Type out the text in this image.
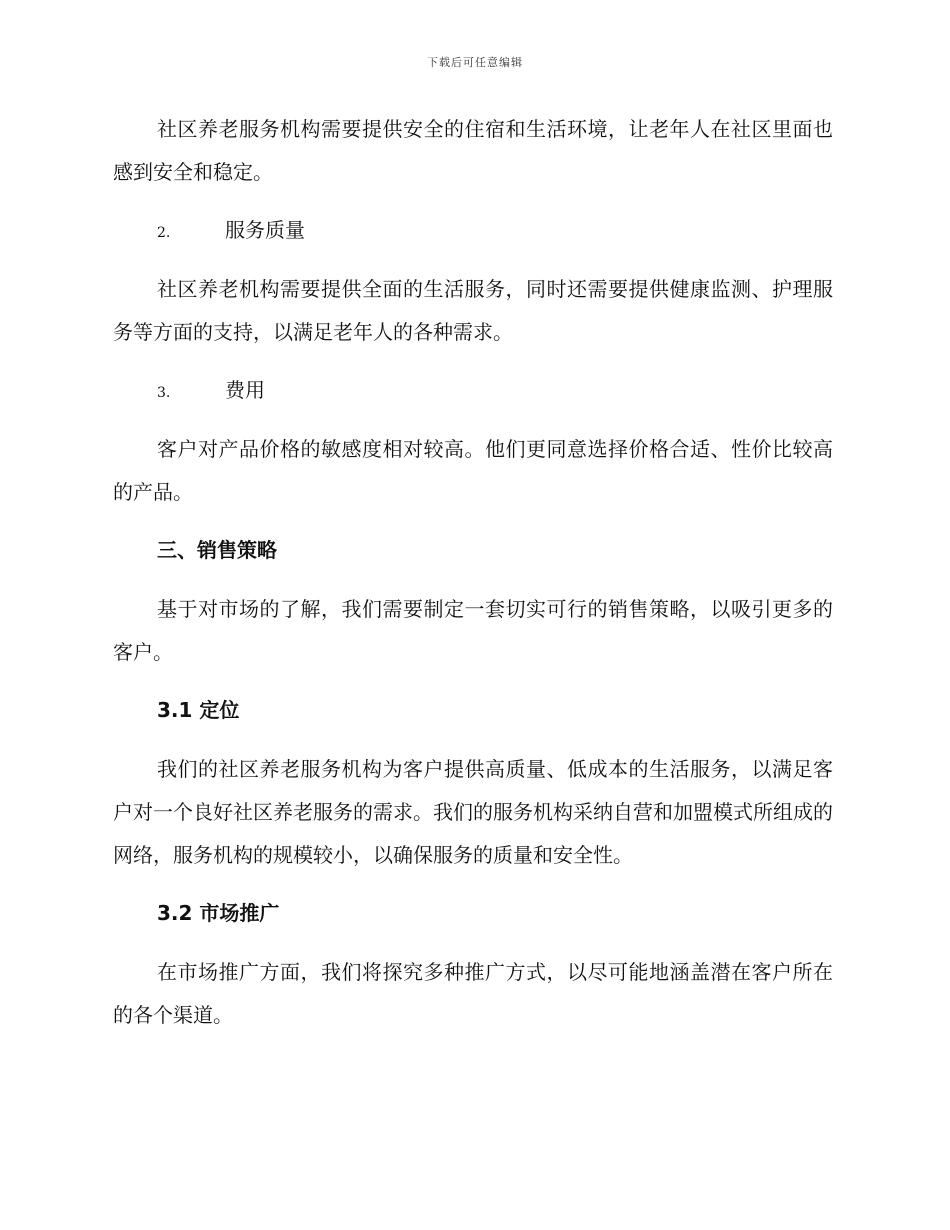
下载后可任意编辑

社区养老服务机构需要提供安全的住宿和生活环境，让老年人在社区里面也感到安全和稳定。

2.	服务质量

社区养老机构需要提供全面的生活服务，同时还需要提供健康监测、护理服务等方面的支持，以满足老年人的各种需求。

3.	费用

客户对产品价格的敏感度相对较高。他们更同意选择价格合适、性价比较高的产品。

三、销售策略

基于对市场的了解，我们需要制定一套切实可行的销售策略，以吸引更多的客户。

3.1 定位

我们的社区养老服务机构为客户提供高质量、低成本的生活服务，以满足客户对一个良好社区养老服务的需求。我们的服务机构采纳自营和加盟模式所组成的网络，服务机构的规模较小，以确保服务的质量和安全性。

3.2 市场推广

在市场推广方面，我们将探究多种推广方式，以尽可能地涵盖潜在客户所在的各个渠道。
